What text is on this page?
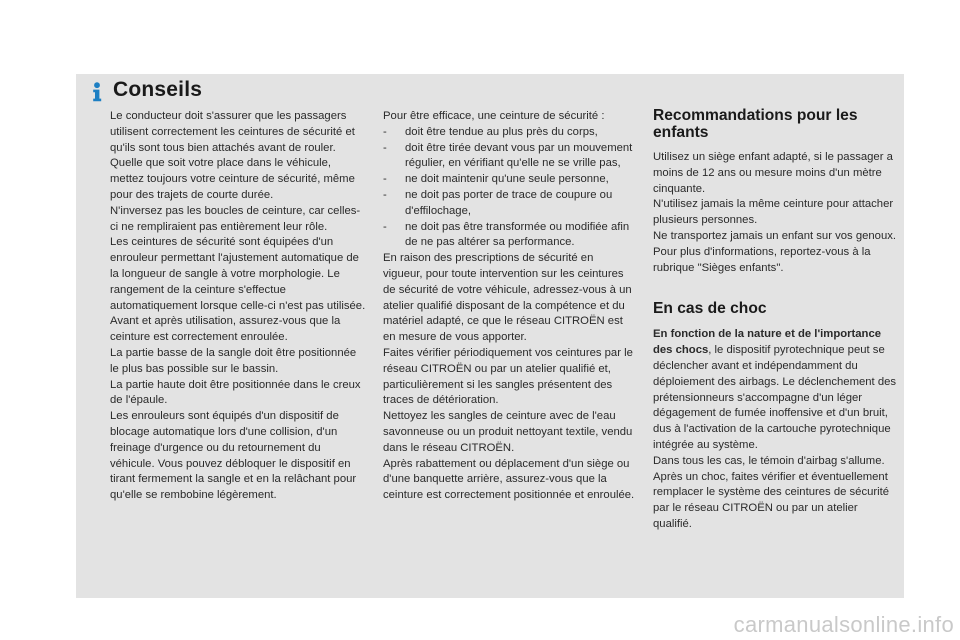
Conseils

Le conducteur doit s'assurer que les passagers utilisent correctement les ceintures de sécurité et qu'ils sont tous bien attachés avant de rouler.

Quelle que soit votre place dans le véhicule, mettez toujours votre ceinture de sécurité, même pour des trajets de courte durée.

N'inversez pas les boucles de ceinture, car celles-ci ne rempliraient pas entièrement leur rôle.

Les ceintures de sécurité sont équipées d'un enrouleur permettant l'ajustement automatique de la longueur de sangle à votre morphologie. Le rangement de la ceinture s'effectue automatiquement lorsque celle-ci n'est pas utilisée.

Avant et après utilisation, assurez-vous que la ceinture est correctement enroulée.

La partie basse de la sangle doit être positionnée le plus bas possible sur le bassin.

La partie haute doit être positionnée dans le creux de l'épaule.

Les enrouleurs sont équipés d'un dispositif de blocage automatique lors d'une collision, d'un freinage d'urgence ou du retournement du véhicule. Vous pouvez débloquer le dispositif en tirant fermement la sangle et en la relâchant pour qu'elle se rembobine légèrement.

Pour être efficace, une ceinture de sécurité :

-	doit être tendue au plus près du corps,
-	doit être tirée devant vous par un mouvement régulier, en vérifiant qu'elle ne se vrille pas,
-	ne doit maintenir qu'une seule personne,
-	ne doit pas porter de trace de coupure ou d'effilochage,
-	ne doit pas être transformée ou modifiée afin de ne pas altérer sa performance.

En raison des prescriptions de sécurité en vigueur, pour toute intervention sur les ceintures de sécurité de votre véhicule, adressez-vous à un atelier qualifié disposant de la compétence et du matériel adapté, ce que le réseau CITROËN est en mesure de vous apporter.

Faites vérifier périodiquement vos ceintures par le réseau CITROËN ou par un atelier qualifié et, particulièrement si les sangles présentent des traces de détérioration.

Nettoyez les sangles de ceinture avec de l'eau savonneuse ou un produit nettoyant textile, vendu dans le réseau CITROËN.

Après rabattement ou déplacement d'un siège ou d'une banquette arrière, assurez-vous que la ceinture est correctement positionnée et enroulée.

Recommandations pour les enfants

Utilisez un siège enfant adapté, si le passager a moins de 12 ans ou mesure moins d'un mètre cinquante.

N'utilisez jamais la même ceinture pour attacher plusieurs personnes.

Ne transportez jamais un enfant sur vos genoux.

Pour plus d'informations, reportez-vous à la rubrique "Sièges enfants".

En cas de choc

En fonction de la nature et de l'importance des chocs, le dispositif pyrotechnique peut se déclencher avant et indépendamment du déploiement des airbags. Le déclenchement des prétensionneurs s'accompagne d'un léger dégagement de fumée inoffensive et d'un bruit, dus à l'activation de la cartouche pyrotechnique intégrée au système.

Dans tous les cas, le témoin d'airbag s'allume.

Après un choc, faites vérifier et éventuellement remplacer le système des ceintures de sécurité par le réseau CITROËN ou par un atelier qualifié.

carmanualsonline.info
